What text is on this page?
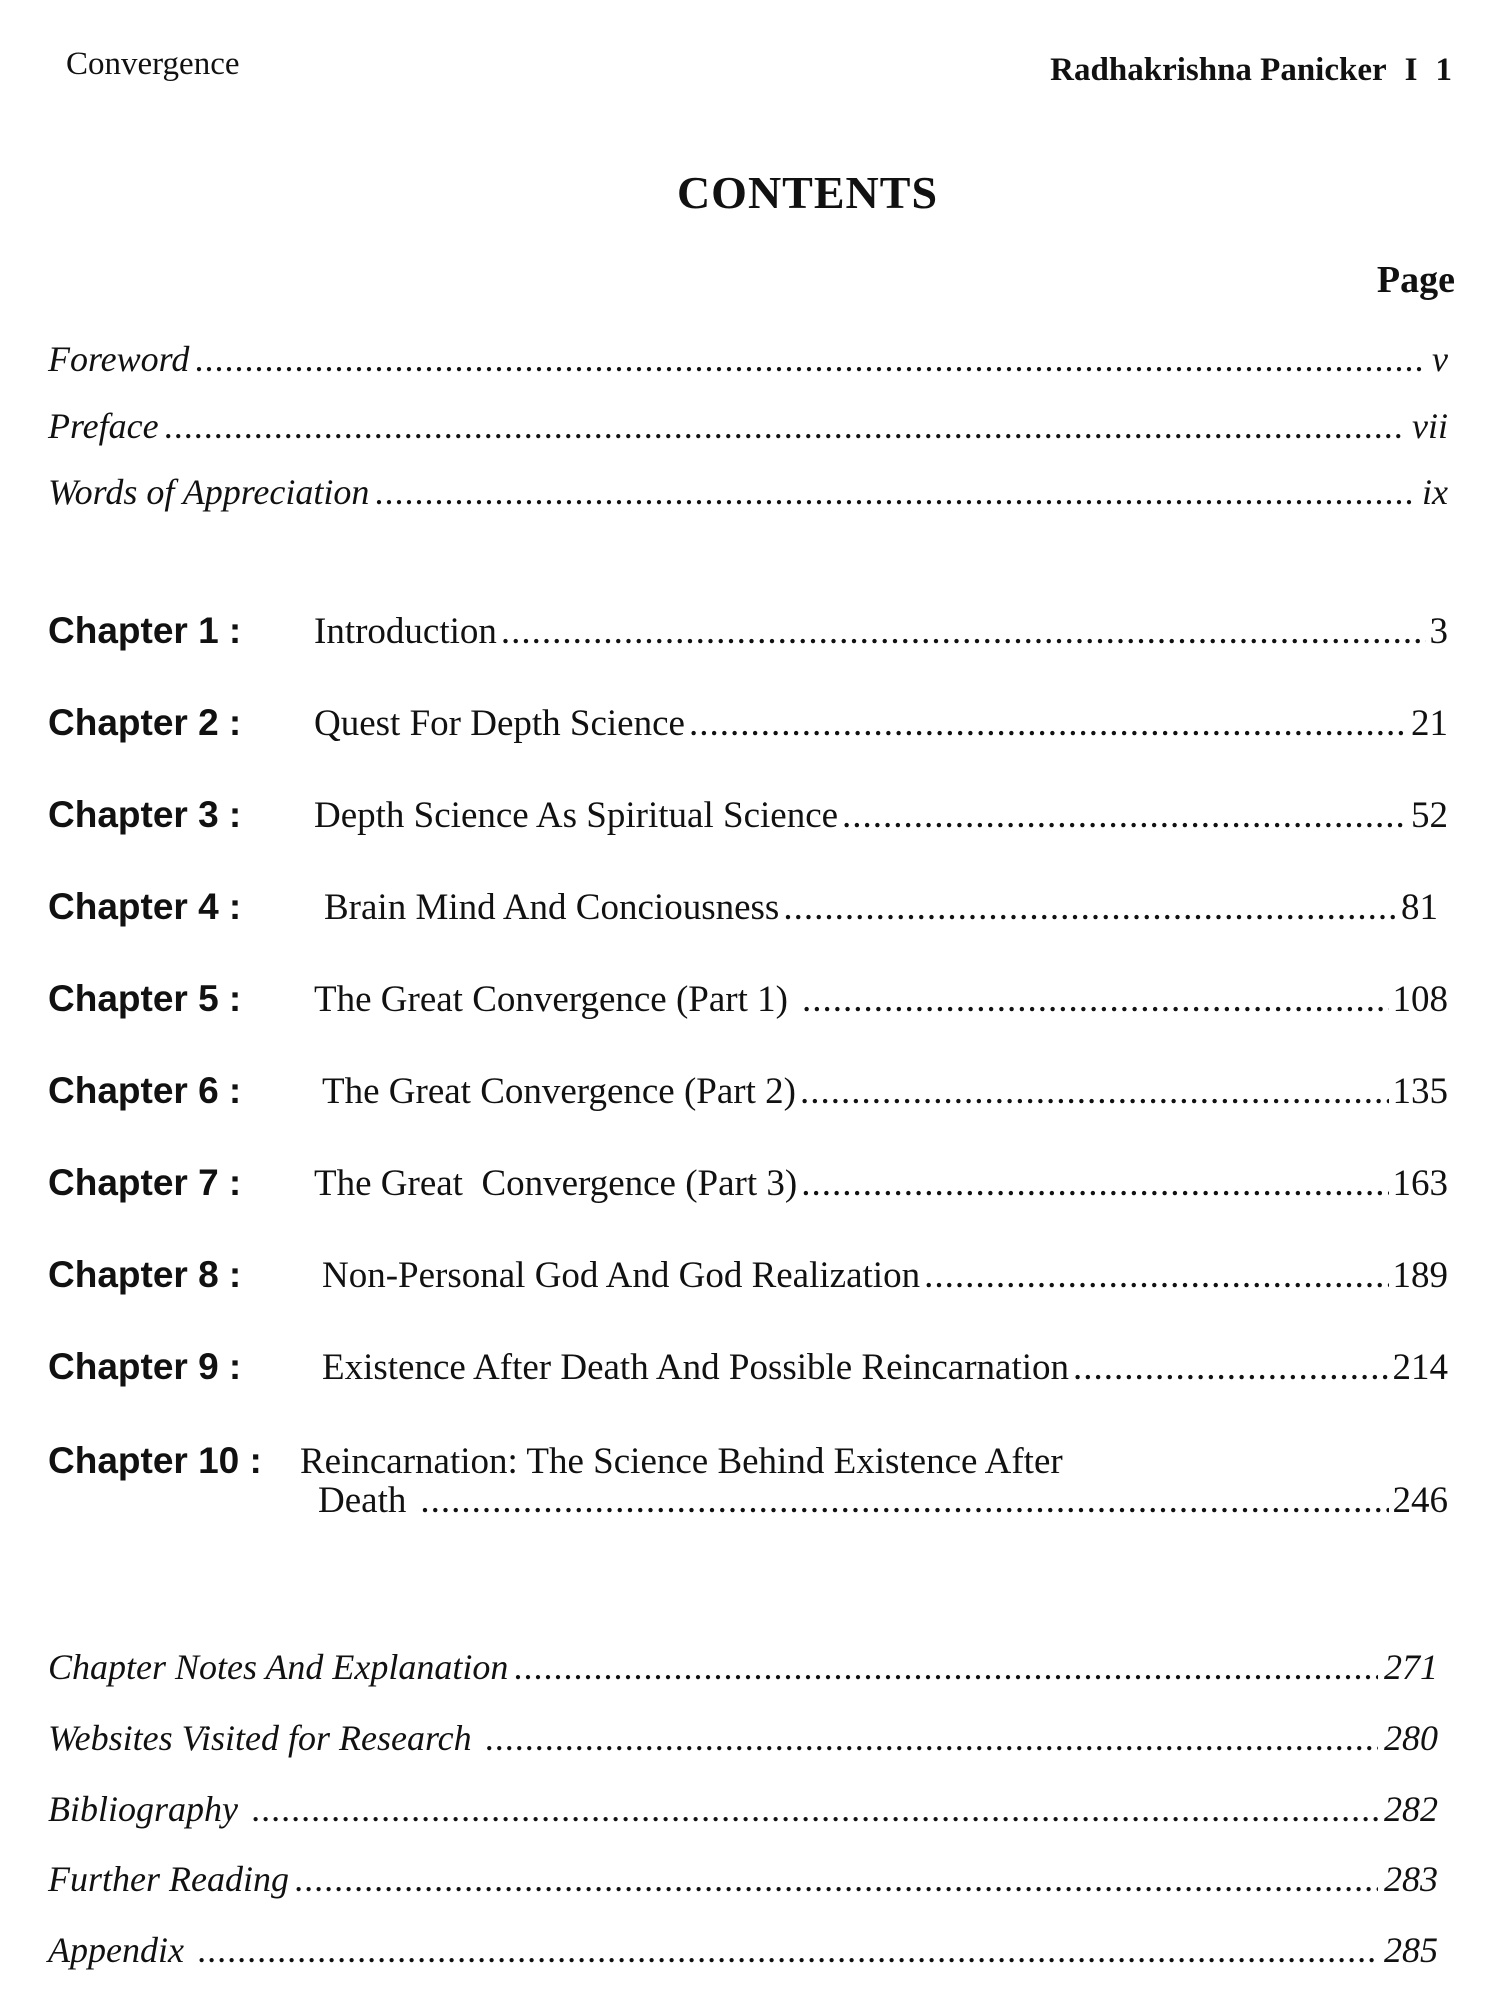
Convergence	Radhakrishna Panicker I 1
CONTENTS
Page
Foreword .....	v
Preface .....	vii
Words of Appreciation .....	ix
Chapter 1 :	Introduction .....	3
Chapter 2 :	Quest For Depth Science .....	21
Chapter 3 :	Depth Science As Spiritual Science .....	52
Chapter 4 :	Brain Mind And Conciousness .....	81
Chapter 5 :	The Great Convergence (Part 1) .....	108
Chapter 6 :	The Great Convergence (Part 2) .....	135
Chapter 7 :	The Great  Convergence (Part 3) .....	163
Chapter 8 :	Non-Personal God And God Realization .....	189
Chapter 9 :	Existence After Death And Possible Reincarnation .....	214
Chapter 10 :	Reincarnation: The Science Behind Existence After
Death .....	246
Chapter Notes And Explanation .....	271
Websites Visited for Research .....	280
Bibliography .....	282
Further Reading .....	283
Appendix .....	285
